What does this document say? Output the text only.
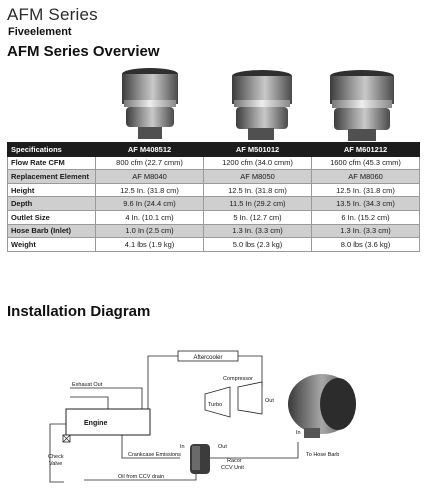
AFM Series
Fiveelement
AFM Series Overview
Specifications	AF M408512	AF M501012	AF M601212
Flow Rate CFM	800 cfm (22.7 cmm)	1200 cfm (34.0 cmm)	1600 cfm (45.3 cmm)
Replacement Element	AF M8040	AF M8050	AF M8060
Height	12.5 In. (31.8 cm)	12.5 In. (31.8 cm)	12.5 In. (31.8 cm)
Depth	9.6 In (24.4 cm)	11.5 In (29.2 cm)	13.5 In. (34.3 cm)
Outlet Size	4 In. (10.1 cm)	5 In. (12.7 cm)	6 In. (15.2 cm)
Hose Barb (Inlet)	1.0 In (2.5 cm)	1.3 In. (3.3 cm)	1.3 In. (3.3 cm)
Weight	4.1 lbs (1.9 kg)	5.0 lbs (2.3 kg)	8.0 lbs (3.6 kg)
Installation Diagram
Aftercooler
Exhaust Out
Engine
Turbo
Compressor
Out
In
To Hose Barb
Crankcase Emissions
In	Out
Racor
CCV Unit
Check
Valve
Oil from CCV drain
